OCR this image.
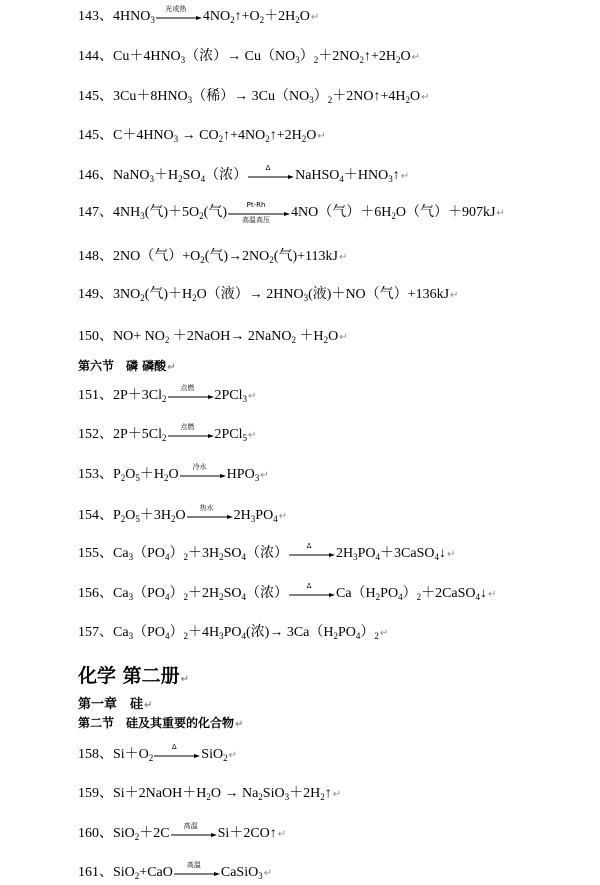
143、$4HNO_3$
光或热
$4NO_2↑+O_2+2H_2O↵$
144、$Cu+4HNO_3$（浓）→ $Cu(NO_3)_2+2NO_2↑+2H_2O↵$
145、$3Cu+8HNO_3$（稀）→ $3Cu(NO_3)_2+2NO↑+4H_2O↵$
145、$C+4HNO_3$ → $CO_2↑+4NO_2↑+2H_2O↵$
146、$NaNO_3+H_2SO_4$（浓）
Δ
$NaHSO_4+HNO_3↑↵$
147、$4NH_3$(气)$+5O_2$(气)
Pt-Rh
高温高压	4NO（气）$+6H_2O$（气）＋907kJ↵
148、2NO（气）$+O_2$(气)$\to 2NO_2$(气)+113kJ↵
149、$3NO_2$(气)$+H_2O$（液）→ $2HNO_3$(液)＋NO（气）+136kJ↵
150、$NO+ NO_2$ ＋2NaOH→ 2NaNO$_2$ $+H_2O↵$
第六节　磷 磷酸↵
151、$2P+3Cl_2$
点燃
2PCl$_3$↵
152、$2P+5Cl_2$
点燃
2PCl$_5$↵
153、$P_2O_5+H_2O$
冷水
$HPO_3↵$
154、$P_2O_5+3H_2O$
热水
$2H_3PO_4↵$
155、$Ca_3(PO_4)_2+3H_2SO_4$（浓）
Δ
$2H_3PO_4+3CaSO_4↓↵$
156、$Ca_3(PO_4)_2+2H_2SO_4$（浓）
Δ
$Ca(H_2PO_4)_2+2CaSO_4↓↵$
157、$Ca_3(PO_4)_2+4H_3PO_4$(浓)→ $3Ca(H_2PO_4)_2↵$
化学 第二册↵
第一章　硅↵
第二节　硅及其重要的化合物↵
158、$Si+O_2$
Δ
SiO$_2$↵
159、$Si+2NaOH+H_2O$ → $Na_2SiO_3+2H_2↑↵$
160、SiO$_2$＋2C
高温
Si＋2CO↑↵
161、SiO$_2$+CaO
高温
CaSiO$_3$↵
